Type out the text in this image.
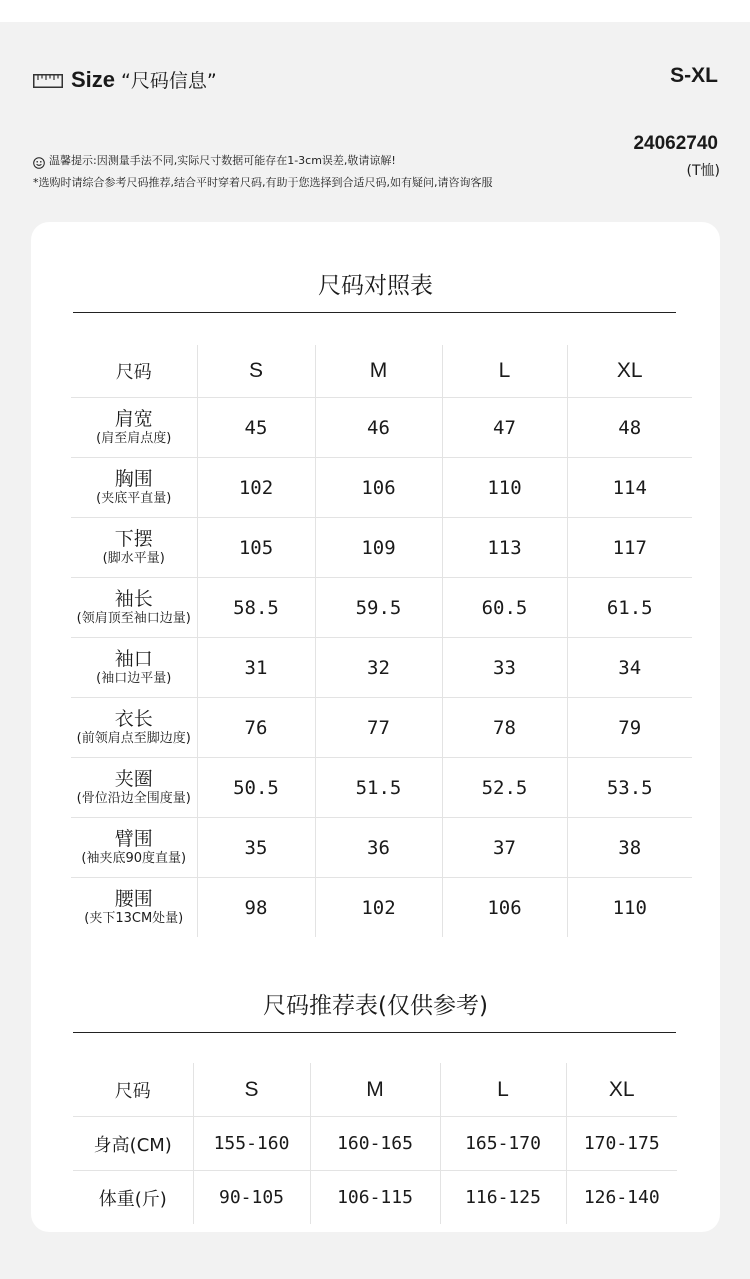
Size “尺码信息”	S-XL
温馨提示:因测量手法不同,实际尺寸数据可能存在1-3cm误差,敬请谅解!
*选购时请综合参考尺码推荐,结合平时穿着尺码,有助于您选择到合适尺码,如有疑问,请咨询客服
24062740
(T恤)
尺码对照表
尺码	S	M	L	XL

肩宽
(肩至肩点度)	45	46	47	48

胸围
(夹底平直量)	102	106	110	114

下摆
(脚水平量)	105	109	113	117

袖长
(领肩顶至袖口边量)	58.5	59.5	60.5	61.5

袖口
(袖口边平量)	31	32	33	34

衣长
(前领肩点至脚边度)	76	77	78	79

夹圈
(骨位沿边全围度量)	50.5	51.5	52.5	53.5

臂围
(袖夹底90度直量)	35	36	37	38

腰围
(夹下13CM处量)	98	102	106	110
尺码推荐表(仅供参考)
尺码	S	M	L	XL
身高(CM)	155-160	160-165	165-170	170-175
体重(斤)	90-105	106-115	116-125	126-140
